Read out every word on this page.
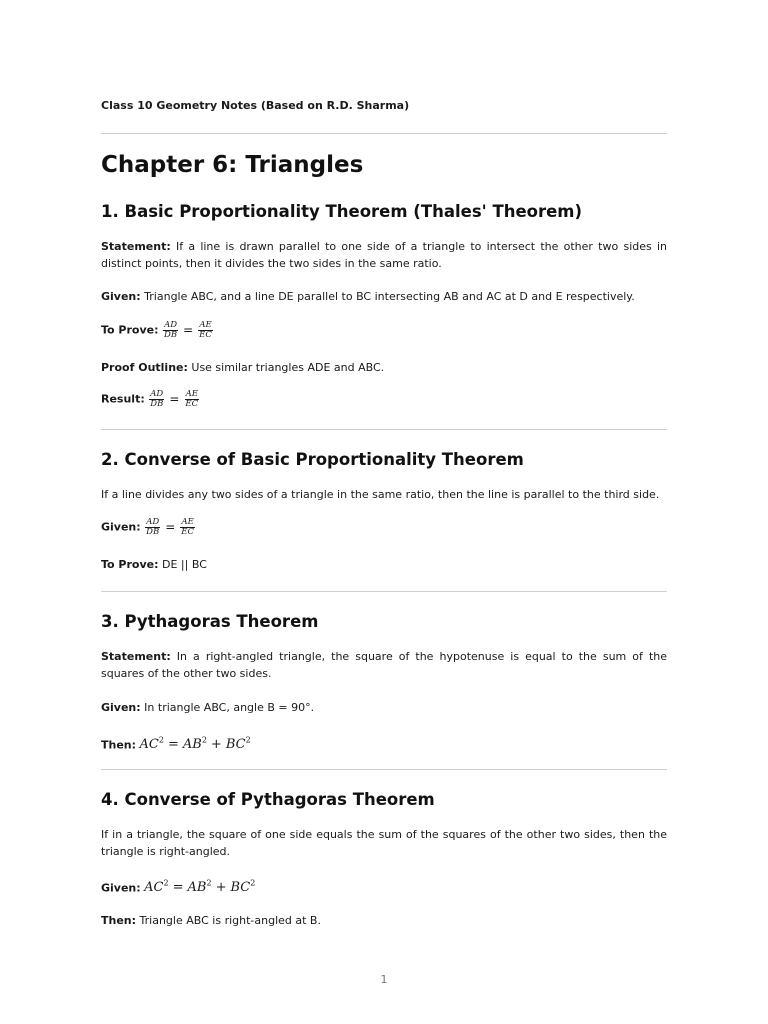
Class 10 Geometry Notes (Based on R.D. Sharma)
Chapter 6: Triangles
1. Basic Proportionality Theorem (Thales' Theorem)

Statement: If a line is drawn parallel to one side of a triangle to intersect the other two sides in distinct points, then it divides the two sides in the same ratio.

Given: Triangle ABC, and a line DE parallel to BC intersecting AB and AC at D and E respectively.

To Prove: $\frac{AD}{DB} = \frac{AE}{EC}$

Proof Outline: Use similar triangles ADE and ABC.

Result: $\frac{AD}{DB} = \frac{AE}{EC}$

2. Converse of Basic Proportionality Theorem

If a line divides any two sides of a triangle in the same ratio, then the line is parallel to the third side.

Given: $\frac{AD}{DB} = \frac{AE}{EC}$

To Prove: DE || BC

3. Pythagoras Theorem

Statement: In a right-angled triangle, the square of the hypotenuse is equal to the sum of the squares of the other two sides.

Given: In triangle ABC, angle B = 90°.

Then: $AC^2 = AB^2 + BC^2$

4. Converse of Pythagoras Theorem

If in a triangle, the square of one side equals the sum of the squares of the other two sides, then the triangle is right-angled.

Given: $AC^2 = AB^2 + BC^2$

Then: Triangle ABC is right-angled at B.

1
